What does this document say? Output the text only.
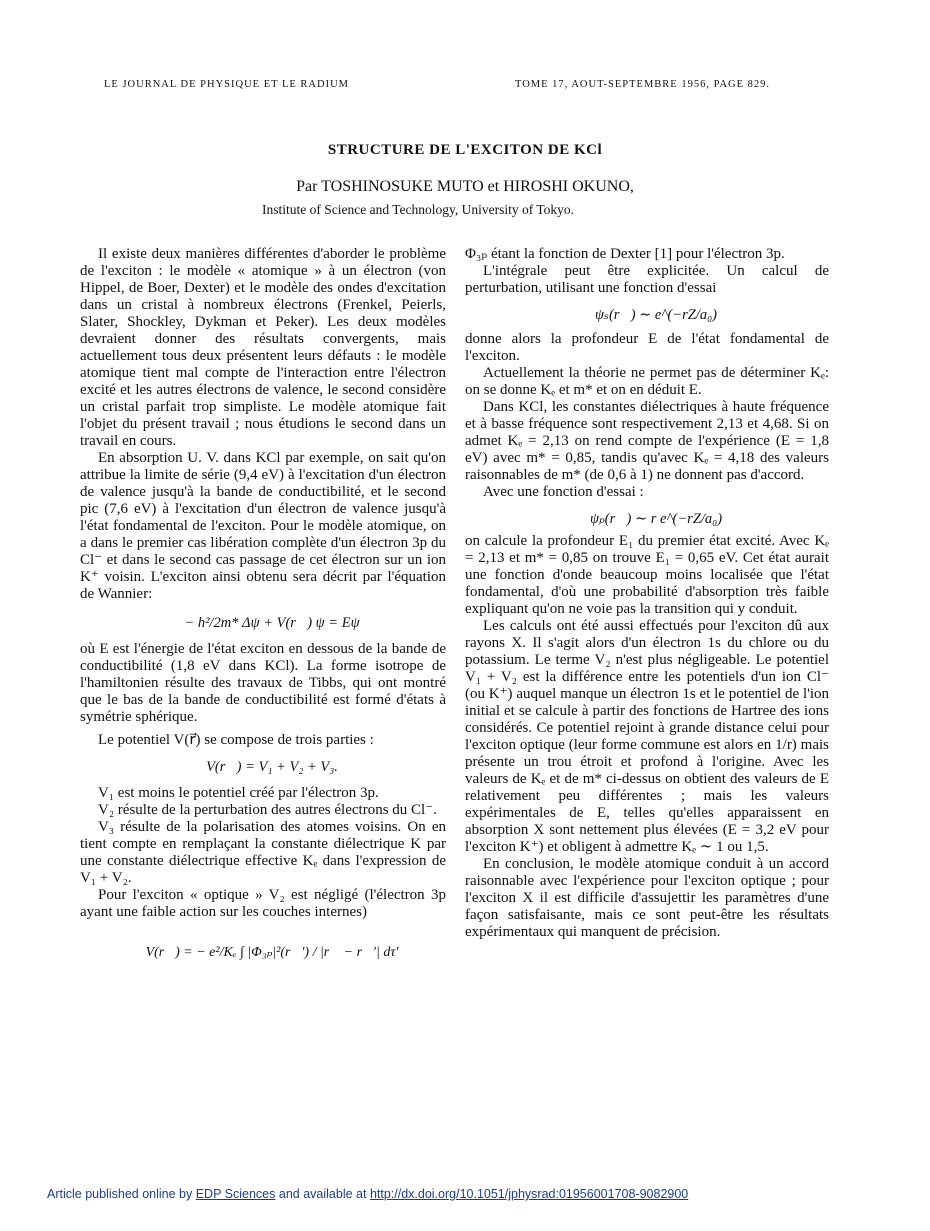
LE JOURNAL DE PHYSIQUE ET LE RADIUM	TOME 17, AOUT-SEPTEMBRE 1956, PAGE 829.
STRUCTURE DE L'EXCITON DE KCl
Par TOSHINOSUKE MUTO et HIROSHI OKUNO,
Institute of Science and Technology, University of Tokyo.

Il existe deux manières différentes d'aborder le problème de l'exciton : le modèle « atomique » à un électron (von Hippel, de Boer, Dexter) et le modèle des ondes d'excitation dans un cristal à nombreux électrons (Frenkel, Peierls, Slater, Shockley, Dykman et Peker). Les deux modèles devraient donner des résultats convergents, mais actuellement tous deux présentent leurs défauts : le modèle atomique tient mal compte de l'interaction entre l'électron excité et les autres électrons de valence, le second considère un cristal parfait trop simpliste. Le modèle atomique fait l'objet du présent travail ; nous étudions le second dans un travail en cours.

En absorption U. V. dans KCl par exemple, on sait qu'on attribue la limite de série (9,4 eV) à l'excitation d'un électron de valence jusqu'à la bande de conductibilité, et le second pic (7,6 eV) à l'excitation d'un électron de valence jusqu'à l'état fondamental de l'exciton. Pour le modèle atomique, on a dans le premier cas libération complète d'un électron 3p du Cl⁻ et dans le second cas passage de cet électron sur un ion K⁺ voisin. L'exciton ainsi obtenu sera décrit par l'équation de Wannier:

− h²/2m* Δψ + V(r⃗) ψ = Eψ

où E est l'énergie de l'état exciton en dessous de la bande de conductibilité (1,8 eV dans KCl). La forme isotrope de l'hamiltonien résulte des travaux de Tibbs, qui ont montré que le bas de la bande de conductibilité est formé d'états à symétrie sphérique.

Le potentiel V(r⃗) se compose de trois parties :

V(r⃗) = V₁ + V₂ + V₃.

V₁ est moins le potentiel créé par l'électron 3p.

V₂ résulte de la perturbation des autres électrons du Cl⁻.

V₃ résulte de la polarisation des atomes voisins. On en tient compte en remplaçant la constante diélectrique K par une constante diélectrique effective Kₑ dans l'expression de V₁ + V₂.

Pour l'exciton « optique » V₂ est négligé (l'électron 3p ayant une faible action sur les couches internes)

V(r⃗) = − e²/Kₑ ∫ |Φ₃ₚ|²(r⃗′) / |r⃗ − r⃗′| dτ′

Φ₃ₚ étant la fonction de Dexter [1] pour l'électron 3p.

L'intégrale peut être explicitée. Un calcul de perturbation, utilisant une fonction d'essai

ψₛ(r⃗) ∼ e^(−rZ/a₀)

donne alors la profondeur E de l'état fondamental de l'exciton.

Actuellement la théorie ne permet pas de déterminer Kₑ: on se donne Kₑ et m* et on en déduit E.

Dans KCl, les constantes diélectriques à haute fréquence et à basse fréquence sont respectivement 2,13 et 4,68. Si on admet Kₑ = 2,13 on rend compte de l'expérience (E = 1,8 eV) avec m* = 0,85, tandis qu'avec Kₑ = 4,18 des valeurs raisonnables de m* (de 0,6 à 1) ne donnent pas d'accord.

Avec une fonction d'essai :

ψₚ(r⃗) ∼ r e^(−rZ/a₀)

on calcule la profondeur E₁ du premier état excité. Avec Kₑ = 2,13 et m* = 0,85 on trouve E₁ = 0,65 eV. Cet état aurait une fonction d'onde beaucoup moins localisée que l'état fondamental, d'où une probabilité d'absorption très faible expliquant qu'on ne voie pas la transition qui y conduit.

Les calculs ont été aussi effectués pour l'exciton dû aux rayons X. Il s'agit alors d'un électron 1s du chlore ou du potassium. Le terme V₂ n'est plus négligeable. Le potentiel V₁ + V₂ est la différence entre les potentiels d'un ion Cl⁻ (ou K⁺) auquel manque un électron 1s et le potentiel de l'ion initial et se calcule à partir des fonctions de Hartree des ions considérés. Ce potentiel rejoint à grande distance celui pour l'exciton optique (leur forme commune est alors en 1/r) mais présente un trou étroit et profond à l'origine. Avec les valeurs de Kₑ et de m* ci-dessus on obtient des valeurs de E relativement peu différentes ; mais les valeurs expérimentales de E, telles qu'elles apparaissent en absorption X sont nettement plus élevées (E = 3,2 eV pour l'exciton K⁺) et obligent à admettre Kₑ ∼ 1 ou 1,5.

En conclusion, le modèle atomique conduit à un accord raisonnable avec l'expérience pour l'exciton optique ; pour l'exciton X il est difficile d'assujettir les paramètres d'une façon satisfaisante, mais ce sont peut-être les résultats expérimentaux qui manquent de précision.

Article published online by EDP Sciences and available at http://dx.doi.org/10.1051/jphysrad:01956001708-9082900
